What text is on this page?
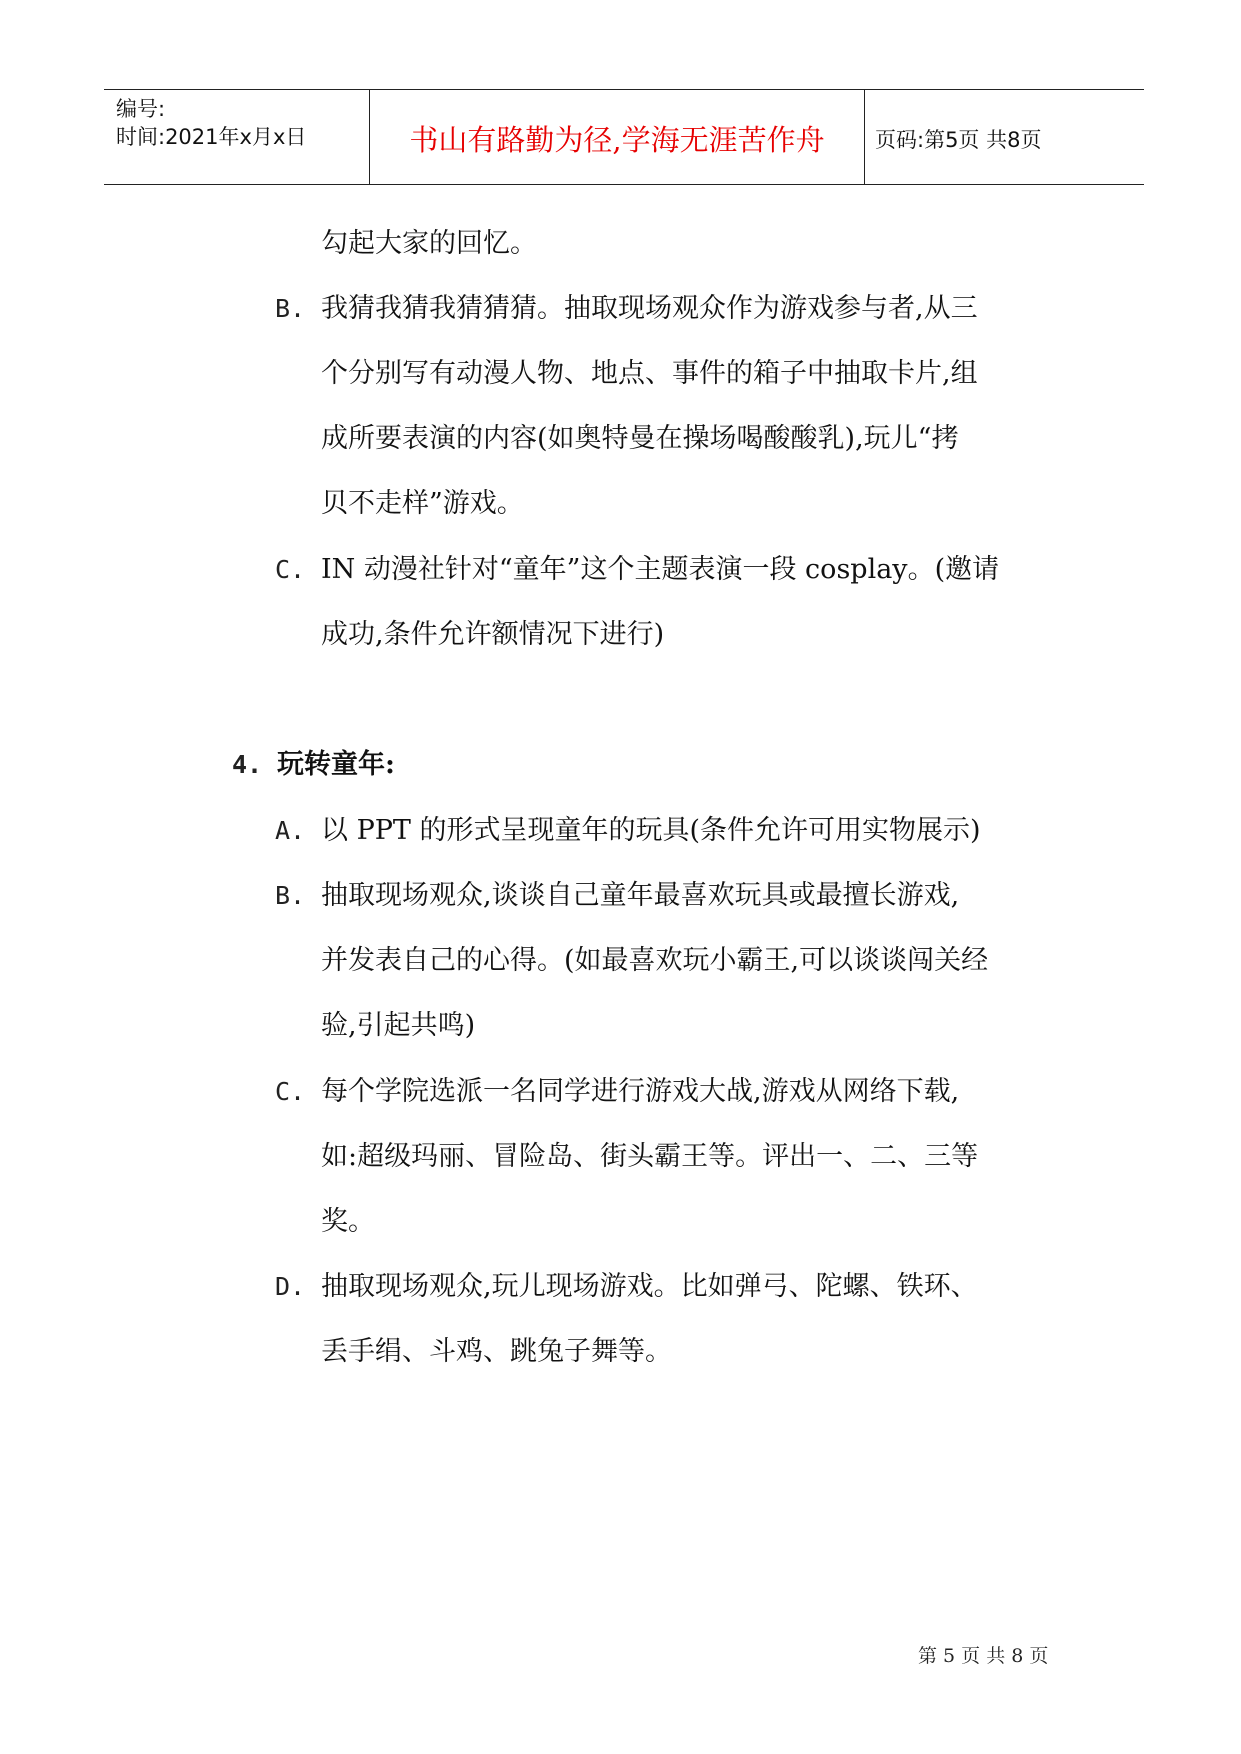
编号:
时间:2021年x月x日	书山有路勤为径,学海无涯苦作舟	页码:第5页 共8页
勾起大家的回忆。
B. 我猜我猜我猜猜猜。抽取现场观众作为游戏参与者,从三
个分别写有动漫人物、地点、事件的箱子中抽取卡片,组
成所要表演的内容(如奥特曼在操场喝酸酸乳),玩儿“拷
贝不走样”游戏。
C. IN 动漫社针对“童年”这个主题表演一段 cosplay。(邀请
成功,条件允许额情况下进行)
4. 玩转童年:
A. 以 PPT 的形式呈现童年的玩具(条件允许可用实物展示)
B. 抽取现场观众,谈谈自己童年最喜欢玩具或最擅长游戏,
并发表自己的心得。(如最喜欢玩小霸王,可以谈谈闯关经
验,引起共鸣)
C. 每个学院选派一名同学进行游戏大战,游戏从网络下载,
如:超级玛丽、冒险岛、街头霸王等。评出一、二、三等
奖。
D. 抽取现场观众,玩儿现场游戏。比如弹弓、陀螺、铁环、
丢手绢、斗鸡、跳兔子舞等。
第 5 页 共 8 页
